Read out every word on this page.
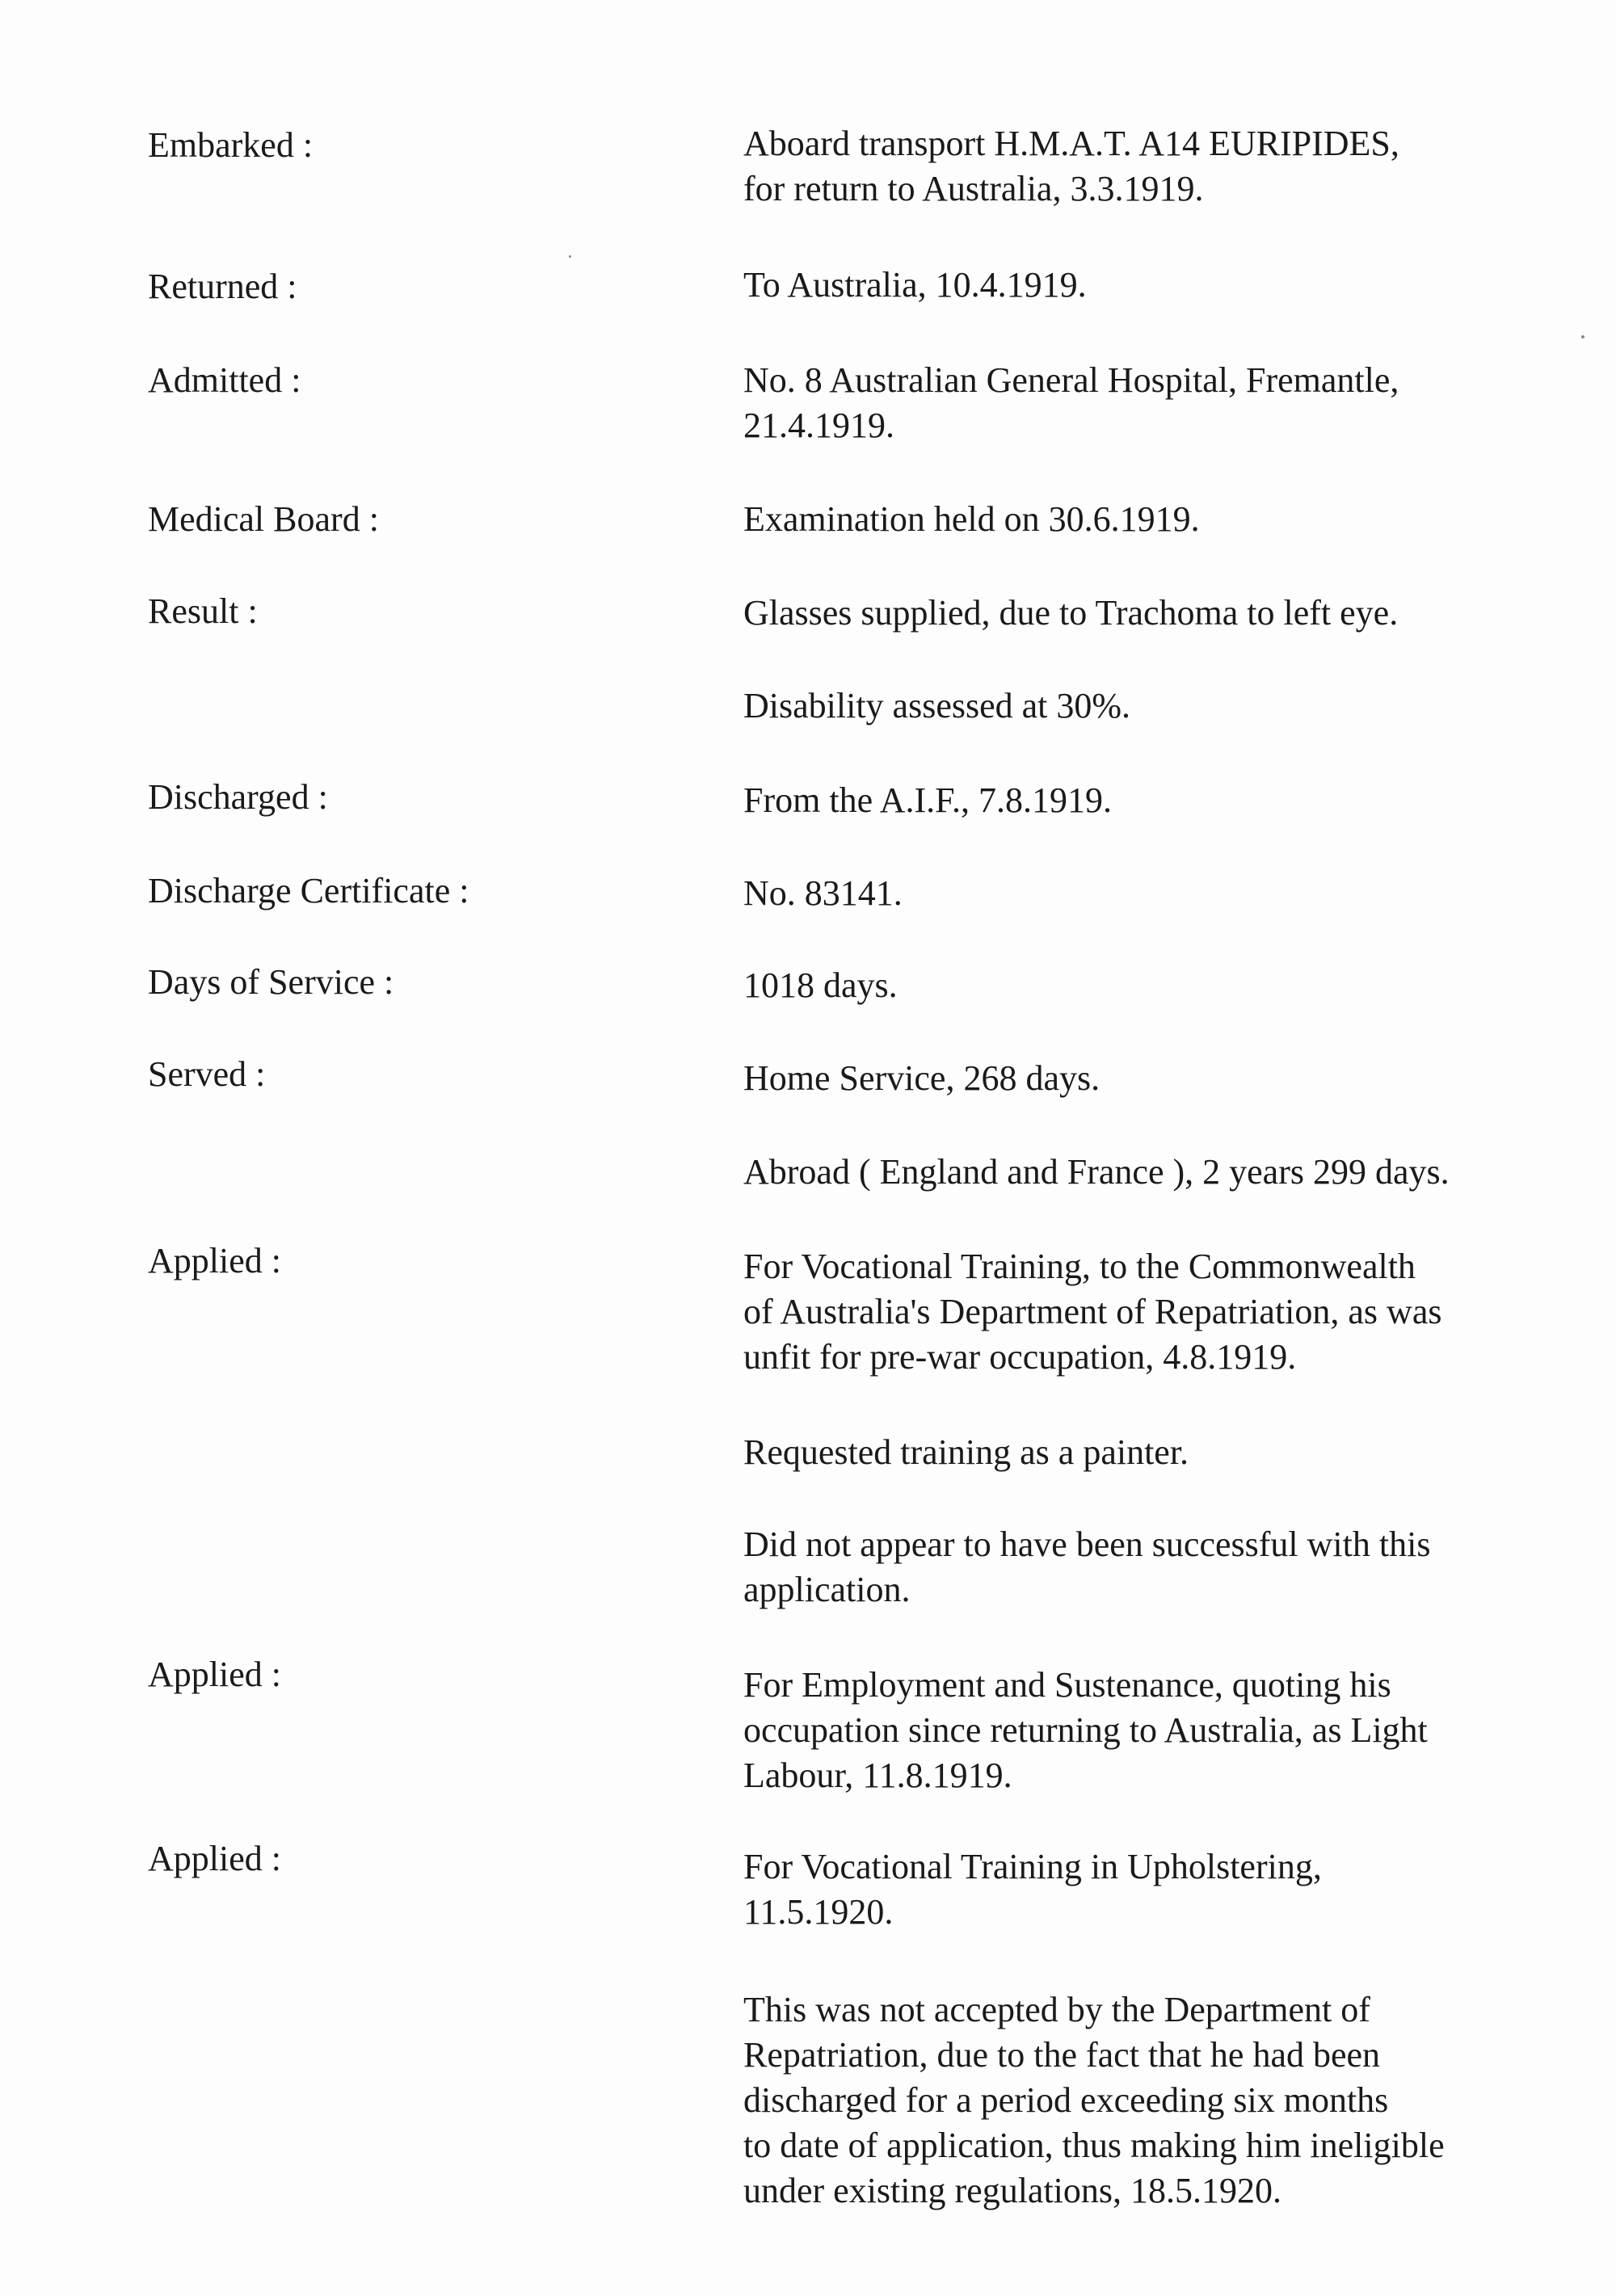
Embarked :	Aboard transport H.M.A.T. A14 EURIPIDES,
for return to Australia, 3.3.1919.
Returned :	To Australia, 10.4.1919.
Admitted :	No. 8 Australian General Hospital, Fremantle,
21.4.1919.
Medical Board :	Examination held on 30.6.1919.
Result :	Glasses supplied, due to Trachoma to left eye.
Disability assessed at 30%.
Discharged :	From the A.I.F., 7.8.1919.
Discharge Certificate :	No. 83141.
Days of Service :	1018 days.
Served :	Home Service, 268 days.
Abroad ( England and France ), 2 years 299 days.
Applied :	For Vocational Training, to the Commonwealth
of Australia's Department of Repatriation, as was
unfit for pre-war occupation, 4.8.1919.
Requested training as a painter.
Did not appear to have been successful with this
application.
Applied :	For Employment and Sustenance, quoting his
occupation since returning to Australia, as Light
Labour, 11.8.1919.
Applied :	For Vocational Training in Upholstering,
11.5.1920.
This was not accepted by the Department of
Repatriation, due to the fact that he had been
discharged for a period exceeding six months
to date of application, thus making him ineligible
under existing regulations, 18.5.1920.
